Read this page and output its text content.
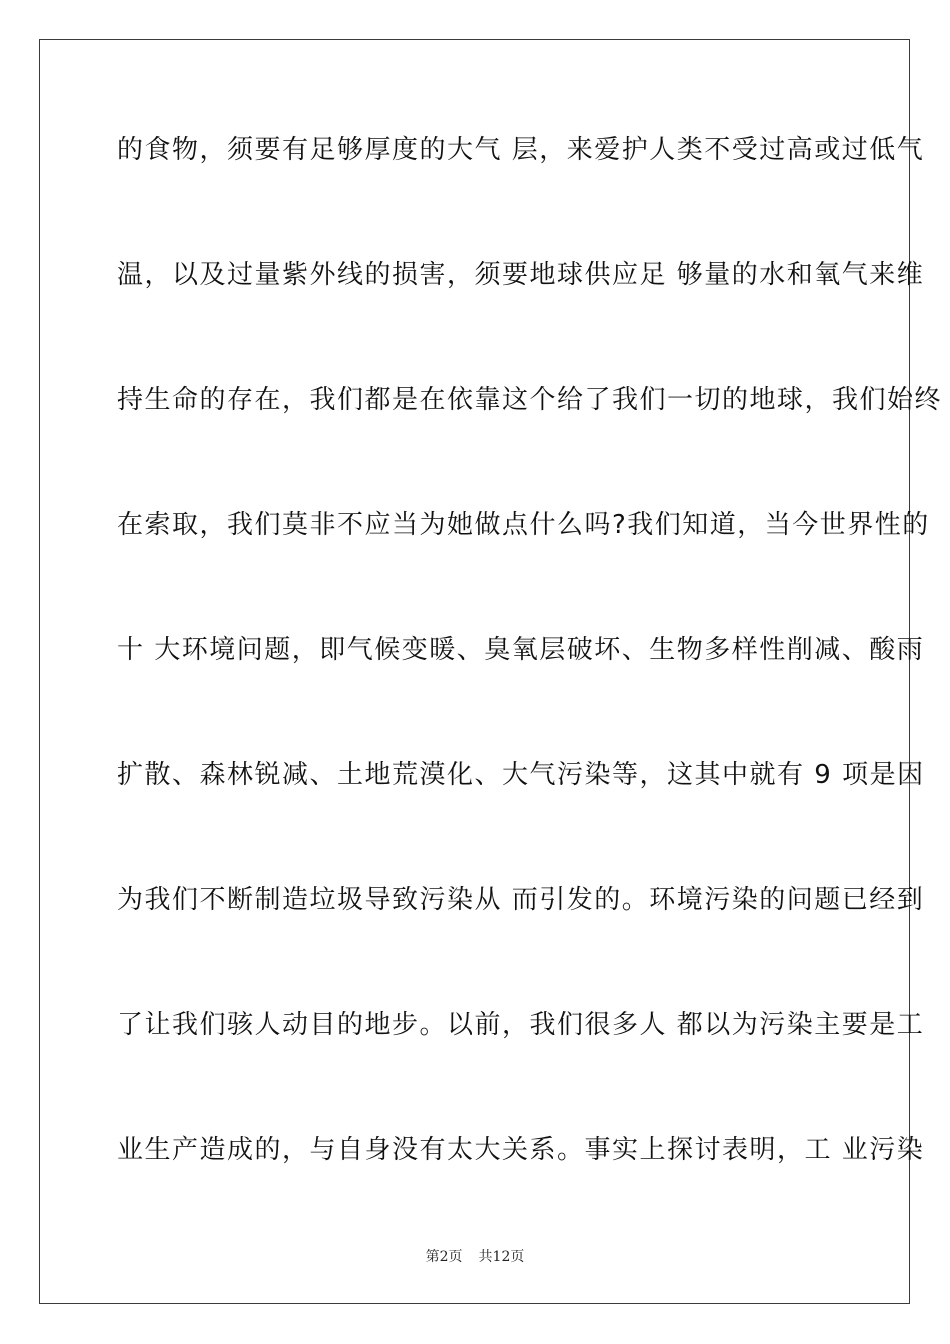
的食物，须要有足够厚度的大气 层，来爱护人类不受过高或过低气
温，以及过量紫外线的损害，须要地球供应足 够量的水和氧气来维
持生命的存在，我们都是在依靠这个给了我们一切的地球，我们始终
在索取，我们莫非不应当为她做点什么吗?我们知道，当今世界性的
十 大环境问题，即气候变暖、臭氧层破坏、生物多样性削减、酸雨
扩散、森林锐减、土地荒漠化、大气污染等，这其中就有 9 项是因
为我们不断制造垃圾导致污染从 而引发的。环境污染的问题已经到
了让我们骇人动目的地步。以前，我们很多人 都以为污染主要是工
业生产造成的，与自身没有太大关系。事实上探讨表明，工 业污染
第2页 共12页
